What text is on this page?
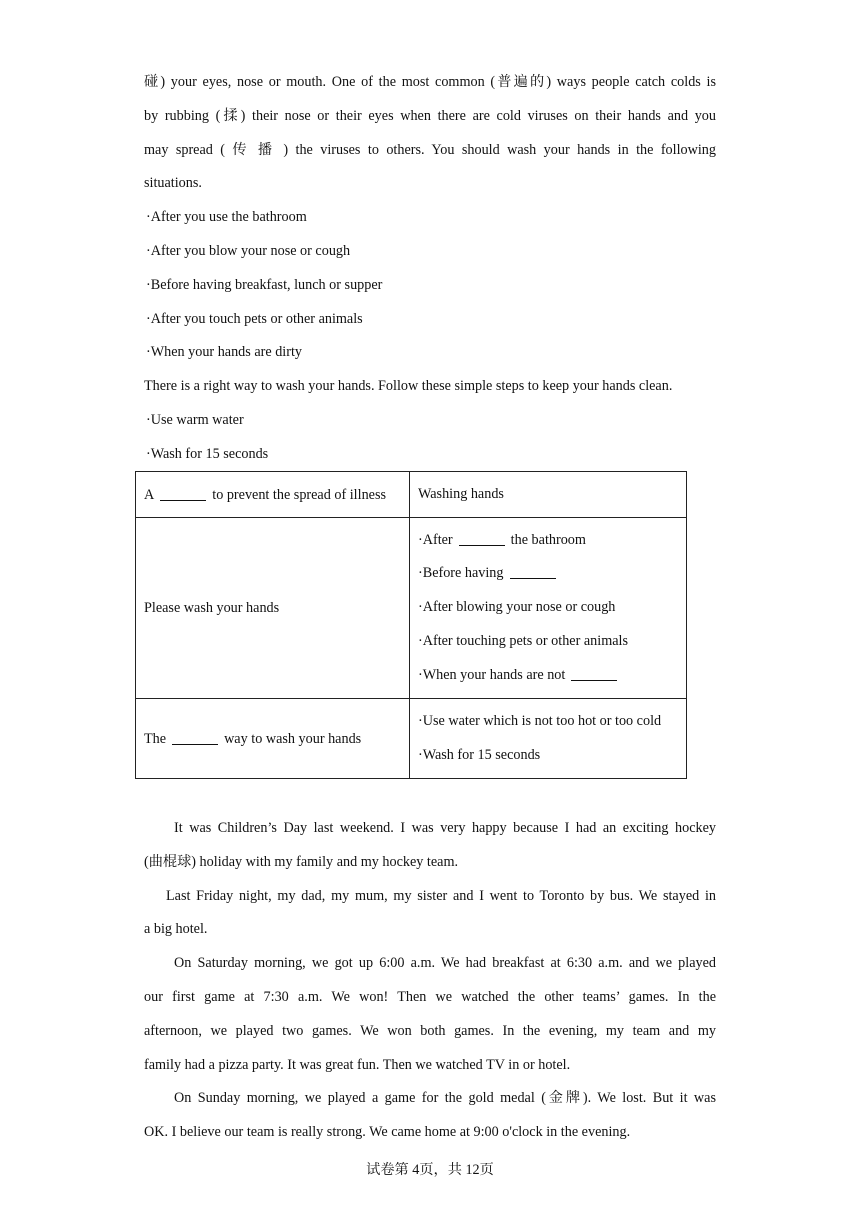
碰) your eyes, nose or mouth. One of the most common (普遍的) ways people catch colds is
by rubbing (揉) their nose or their eyes when there are cold viruses on their hands and you
may spread ( 传 播 ) the viruses to others. You should wash your hands in the following
situations.
·After you use the bathroom
·After you blow your nose or cough
·Before having breakfast, lunch or supper
·After you touch pets or other animals
·When your hands are dirty
There is a right way to wash your hands. Follow these simple steps to keep your hands clean.
·Use warm water
·Wash for 15 seconds
A to prevent the spread of illness	Washing hands
Please wash your hands	·After the bathroom
·Before having
·After blowing your nose or cough
·After touching pets or other animals
·When your hands are not

The way to wash your hands	·Use water which is not too hot or too cold
·Wash for 15 seconds
It was Children’s Day last weekend. I was very happy because I had an exciting hockey
(曲棍球) holiday with my family and my hockey team.
Last Friday night, my dad, my mum, my sister and I went to Toronto by bus. We stayed in
a big hotel.
On Saturday morning, we got up 6:00 a.m. We had breakfast at 6:30 a.m. and we played
our first game at 7:30 a.m. We won! Then we watched the other teams’ games. In the
afternoon, we played two games. We won both games. In the evening, my team and my
family had a pizza party. It was great fun. Then we watched TV in or hotel.
On Sunday morning, we played a game for the gold medal (金牌). We lost. But it was
OK. I believe our team is really strong. We came home at 9:00 o'clock in the evening.
试卷第 4页，共 12页
